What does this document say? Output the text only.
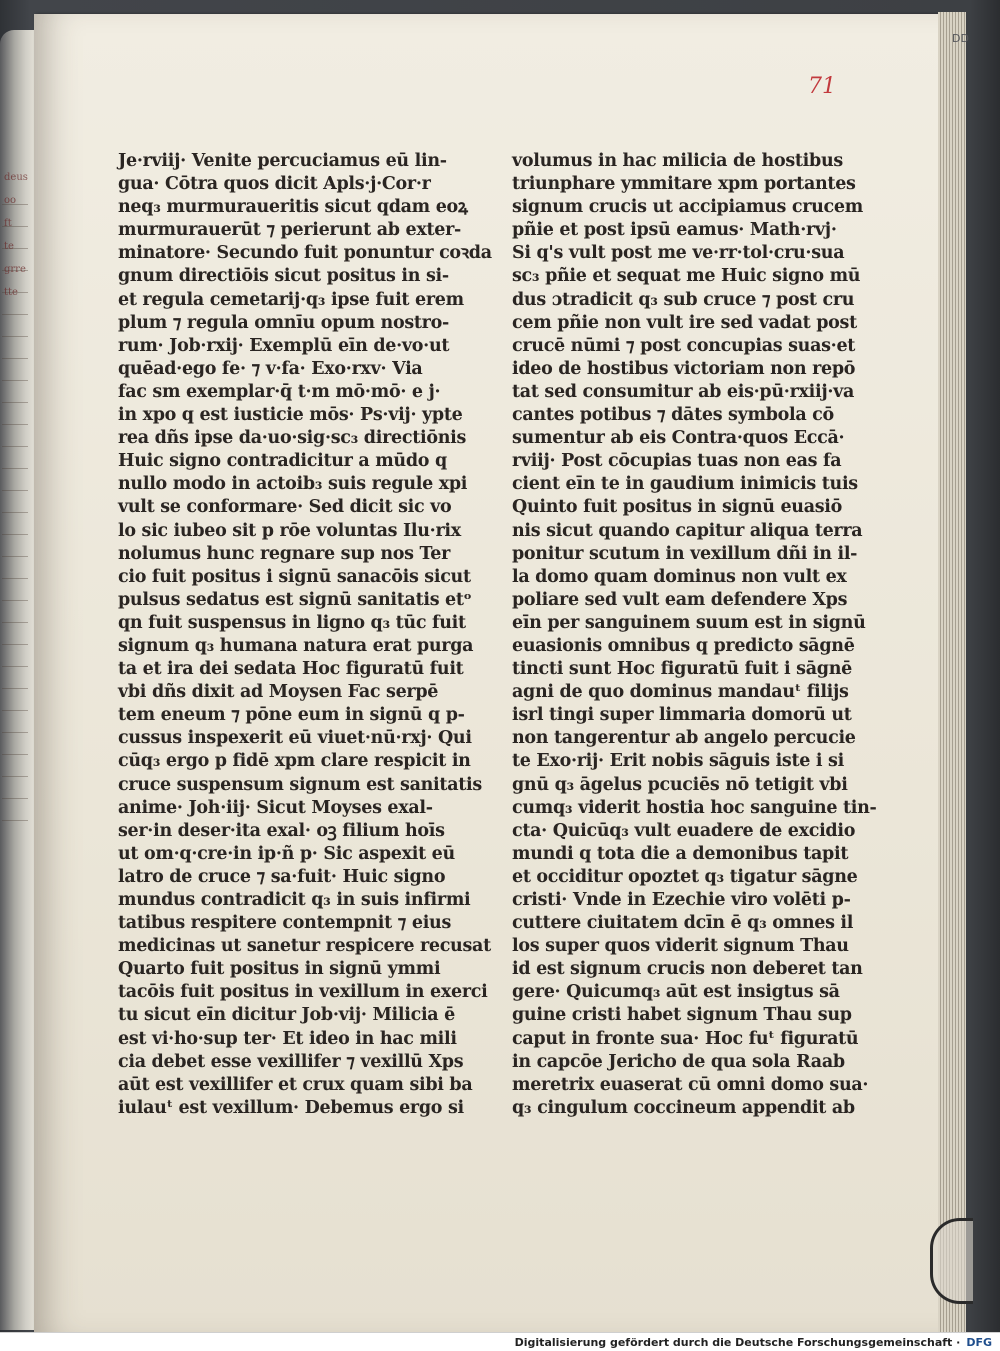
deus
oo
ft
te
grre
tte
71
DD
Je·rviij· Venite percuciamus eū lin-
gua· Cōtra quos dicit Apls·j·Cor·r
neq₃ murmuraueritis sicut qdam eoꝝ
murmurauerūt ⁊ perierunt ab exter-
minatore· Secundo fuit ponuntur coꝛda
gnum directiōis sicut positus in si-
et regula cemetarij·q₃ ipse fuit erem
plum ⁊ regula omnīu opum nostro-
rum· Job·rxij· Exemplū eīn de·vo·ut
quēad·ego fe· ⁊ v·fa· Exo·rxv· Via
fac sm exemplar·q̄ t·m mō·mō· e j·
in xpo q est iusticie mōs· Ps·vij· ypte
rea dñs ipse da·uo·sig·sc₃ directiōnis
Huic signo contradicitur a mūdo q
nullo modo in actoib₃ suis regule xpi
vult se conformare· Sed dicit sic vo
lo sic iubeo sit p rōe voluntas Ilu·rix
nolumus hunc regnare sup nos Ter
cio fuit positus i signū sanacōis sicut
pulsus sedatus est signū sanitatis etᵒ
qn fuit suspensus in ligno q₃ tūc fuit
signum q₃ humana natura erat purga
ta et ira dei sedata Hoc figuratū fuit
vbi dñs dixit ad Moysen Fac serpē
tem eneum ⁊ pōne eum in signū q p-
cussus inspexerit eū viuet·nū·rxj· Qui
cūq₃ ergo p fidē xpm clare respicit in
cruce suspensum signum est sanitatis
anime· Joh·iij· Sicut Moyses exal-
ser·in deser·ita exal· oꝫ filium hoīs
ut om·q·cre·in ip·ñ p· Sic aspexit eū
latro de cruce ⁊ sa·fuit· Huic signo
mundus contradicit q₃ in suis infirmi
tatibus respitere contempnit ⁊ eius
medicinas ut sanetur respicere recusat
Quarto fuit positus in signū ymmi
tacōis fuit positus in vexillum in exerci
tu sicut eīn dicitur Job·vij· Milicia ē
est vi·ho·sup ter· Et ideo in hac mili
cia debet esse vexillifer ⁊ vexillū Xps
aūt est vexillifer et crux quam sibi ba
iulauᵗ est vexillum· Debemus ergo si
volumus in hac milicia de hostibus
triunphare ymmitare xpm portantes
signum crucis ut accipiamus crucem
pñie et post ipsū eamus· Math·rvj·
Si q's vult post me ve·rr·tol·cru·sua
sc₃ pñie et sequat me Huic signo mū
dus ɔtradicit q₃ sub cruce ⁊ post cru
cem pñie non vult ire sed vadat post
crucē nūmi ⁊ post concupias suas·et
ideo de hostibus victoriam non repō
tat sed consumitur ab eis·pū·rxiij·va
cantes potibus ⁊ dātes symbola cō
sumentur ab eis Contra·quos Eccā·
rviij· Post cōcupias tuas non eas fa
cient eīn te in gaudium inimicis tuis
Quinto fuit positus in signū euasiō
nis sicut quando capitur aliqua terra
ponitur scutum in vexillum dñi in il-
la domo quam dominus non vult ex
poliare sed vult eam defendere Xps
eīn per sanguinem suum est in signū
euasionis omnibus q predicto sāgnē
tincti sunt Hoc figuratū fuit i sāgnē
agni de quo dominus mandauᵗ filijs
isrl tingi super limmaria domorū ut
non tangerentur ab angelo percucie
te Exo·rij· Erit nobis sāguis iste i si
gnū q₃ āgelus pcuciēs nō tetigit vbi
cumq₃ viderit hostia hoc sanguine tin-
cta· Quicūq₃ vult euadere de excidio
mundi q tota die a demonibus tapit
et occiditur opoztet q₃ tigatur sāgne
cristi· Vnde in Ezechie viro volēti p-
cuttere ciuitatem dcīn ē q₃ omnes il
los super quos viderit signum Thau
id est signum crucis non deberet tan
gere· Quicumq₃ aūt est insigtus sā
guine cristi habet signum Thau sup
caput in fronte sua· Hoc fuᵗ figuratū
in capcōe Jericho de qua sola Raab
meretrix euaserat cū omni domo sua·
q₃ cingulum coccineum appendit ab
Digitalisierung gefördert durch die Deutsche Forschungsgemeinschaft · DFG
